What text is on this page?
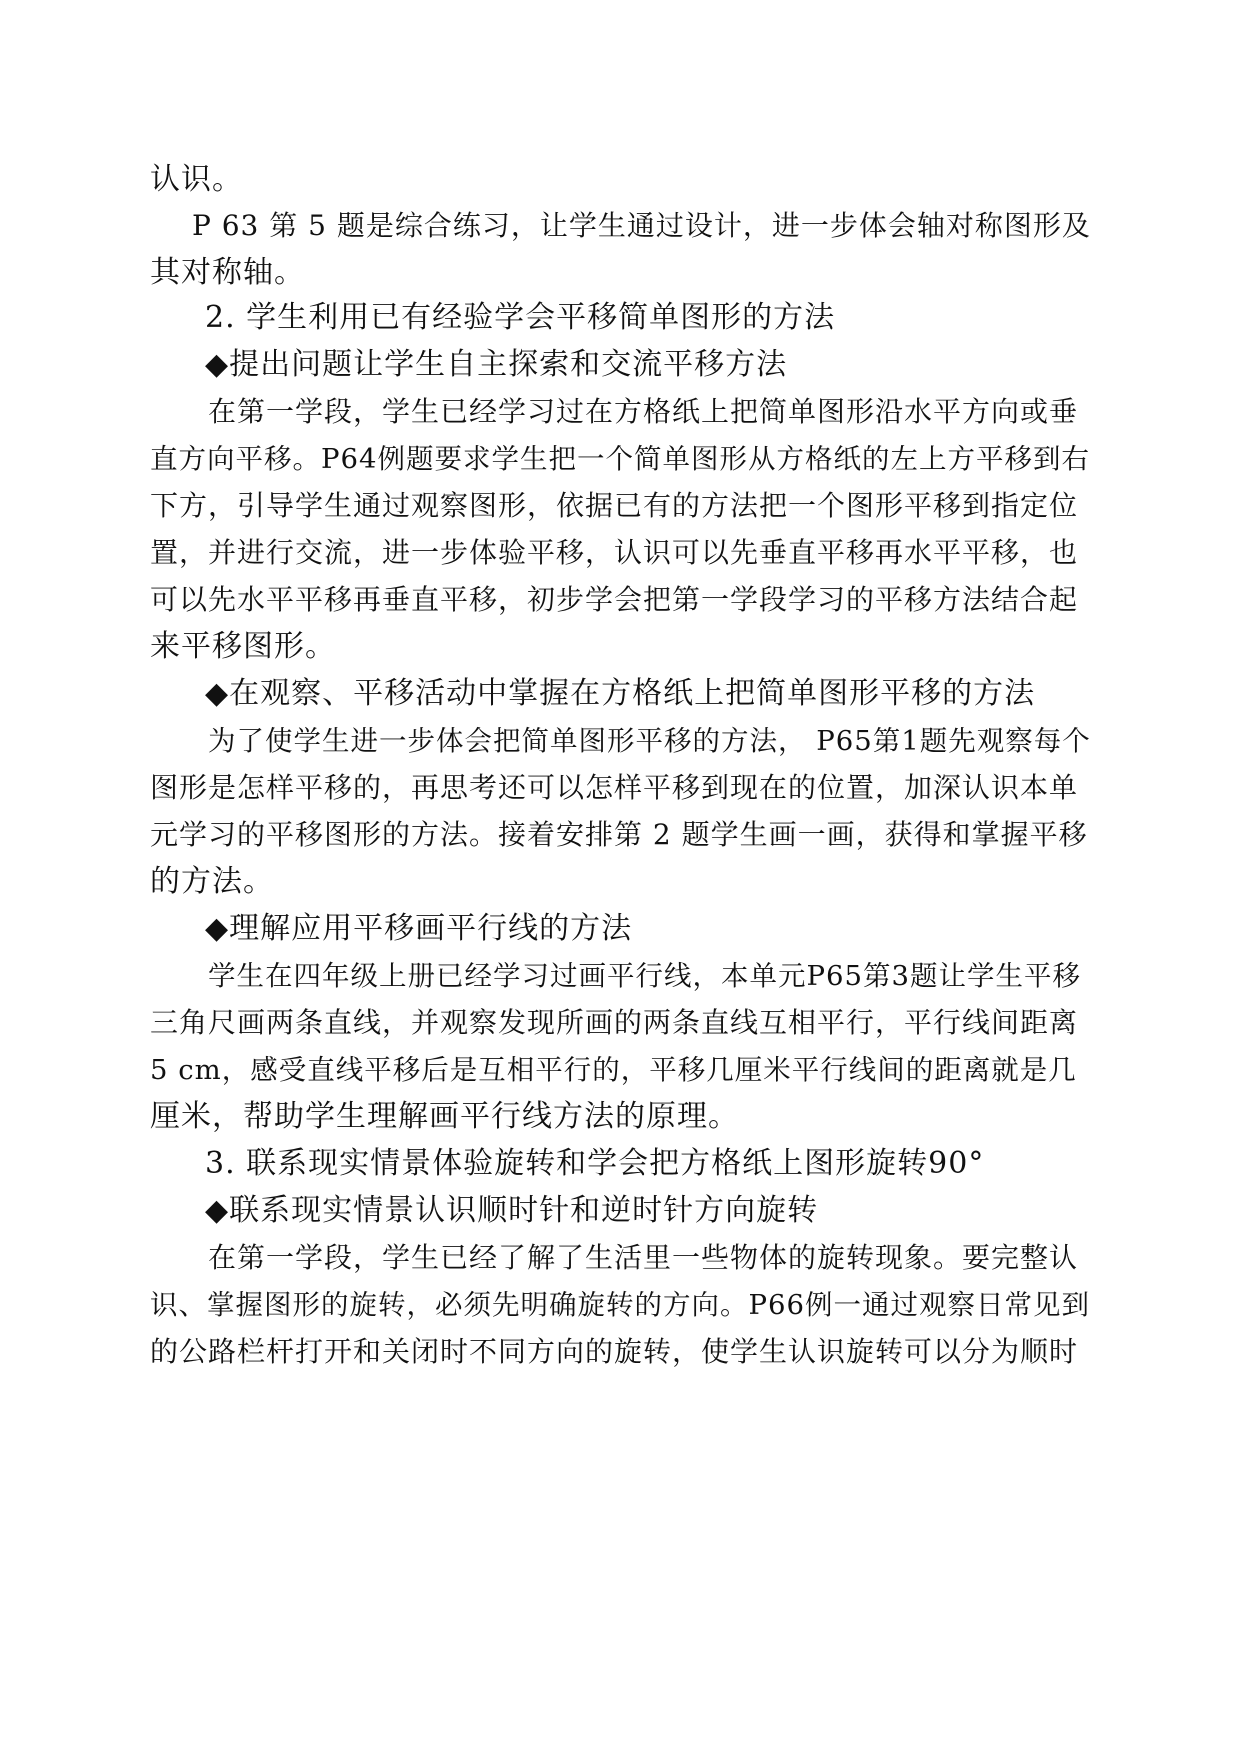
认识。
P 63 第 5 题是综合练习，让学生通过设计，进一步体会轴对称图形及
其对称轴。
2. 学生利用已有经验学会平移简单图形的方法
◆提出问题让学生自主探索和交流平移方法
在第一学段，学生已经学习过在方格纸上把简单图形沿水平方向或垂
直方向平移。P64例题要求学生把一个简单图形从方格纸的左上方平移到右
下方，引导学生通过观察图形，依据已有的方法把一个图形平移到指定位
置，并进行交流，进一步体验平移，认识可以先垂直平移再水平平移，也
可以先水平平移再垂直平移，初步学会把第一学段学习的平移方法结合起
来平移图形。
◆在观察、平移活动中掌握在方格纸上把简单图形平移的方法
为了使学生进一步体会把简单图形平移的方法， P65第1题先观察每个
图形是怎样平移的，再思考还可以怎样平移到现在的位置，加深认识本单
元学习的平移图形的方法。接着安排第 2 题学生画一画，获得和掌握平移
的方法。
◆理解应用平移画平行线的方法
学生在四年级上册已经学习过画平行线，本单元P65第3题让学生平移
三角尺画两条直线，并观察发现所画的两条直线互相平行，平行线间距离
5 cm，感受直线平移后是互相平行的，平移几厘米平行线间的距离就是几
厘米，帮助学生理解画平行线方法的原理。
3. 联系现实情景体验旋转和学会把方格纸上图形旋转90°
◆联系现实情景认识顺时针和逆时针方向旋转
在第一学段，学生已经了解了生活里一些物体的旋转现象。要完整认
识、掌握图形的旋转，必须先明确旋转的方向。P66例一通过观察日常见到
的公路栏杆打开和关闭时不同方向的旋转，使学生认识旋转可以分为顺时
